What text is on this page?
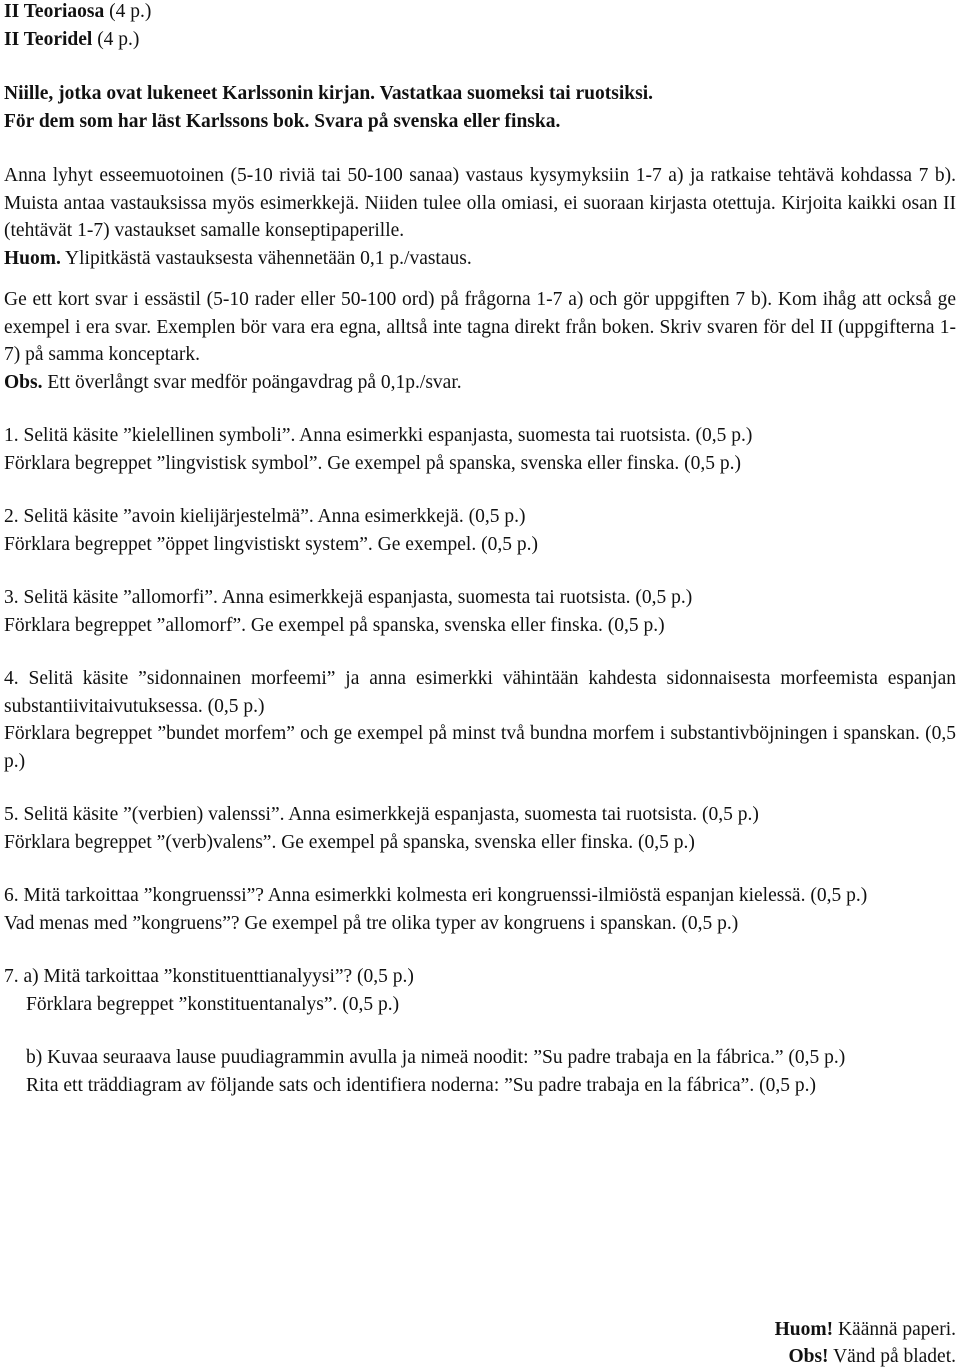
II Teoriaosa (4 p.)

II Teoridel (4 p.)

Niille, jotka ovat lukeneet Karlssonin kirjan. Vastatkaa suomeksi tai ruotsiksi.

För dem som har läst Karlssons bok. Svara på svenska eller finska.

Anna lyhyt esseemuotoinen (5-10 riviä tai 50-100 sanaa) vastaus kysymyksiin 1-7 a) ja ratkaise tehtävä kohdassa 7 b). Muista antaa vastauksissa myös esimerkkejä. Niiden tulee olla omiasi, ei suoraan kirjasta otettuja. Kirjoita kaikki osan II (tehtävät 1-7) vastaukset samalle konseptipaperille.

Huom. Ylipitkästä vastauksesta vähennetään 0,1 p./vastaus.

Ge ett kort svar i essästil (5-10 rader eller 50-100 ord) på frågorna 1-7 a) och gör uppgiften 7 b). Kom ihåg att också ge exempel i era svar. Exemplen bör vara era egna, alltså inte tagna direkt från boken. Skriv svaren för del II (uppgifterna 1-7) på samma konceptark.

Obs. Ett överlångt svar medför poängavdrag på 0,1p./svar.

1. Selitä käsite ”kielellinen symboli”. Anna esimerkki espanjasta, suomesta tai ruotsista. (0,5 p.)

Förklara begreppet ”lingvistisk symbol”. Ge exempel på spanska, svenska eller finska. (0,5 p.)

2. Selitä käsite ”avoin kielijärjestelmä”. Anna esimerkkejä. (0,5 p.)

Förklara begreppet ”öppet lingvistiskt system”. Ge exempel. (0,5 p.)

3. Selitä käsite ”allomorfi”. Anna esimerkkejä espanjasta, suomesta tai ruotsista. (0,5 p.)

Förklara begreppet ”allomorf”. Ge exempel på spanska, svenska eller finska. (0,5 p.)

4. Selitä käsite ”sidonnainen morfeemi” ja anna esimerkki vähintään kahdesta sidonnaisesta morfeemista espanjan substantiivitaivutuksessa. (0,5 p.)

Förklara begreppet ”bundet morfem” och ge exempel på minst två bundna morfem i substantivböjningen i spanskan. (0,5 p.)

5. Selitä käsite ”(verbien) valenssi”. Anna esimerkkejä espanjasta, suomesta tai ruotsista. (0,5 p.)

Förklara begreppet ”(verb)valens”. Ge exempel på spanska, svenska eller finska. (0,5 p.)

6. Mitä tarkoittaa ”kongruenssi”? Anna esimerkki kolmesta eri kongruenssi-ilmiöstä espanjan kielessä. (0,5 p.)

Vad menas med ”kongruens”? Ge exempel på tre olika typer av kongruens i spanskan. (0,5 p.)

7. a) Mitä tarkoittaa ”konstituenttianalyysi”? (0,5 p.)

Förklara begreppet ”konstituentanalys”. (0,5 p.)

b) Kuvaa seuraava lause puudiagrammin avulla ja nimeä noodit: ”Su padre trabaja en la fábrica.” (0,5 p.)

Rita ett träddiagram av följande sats och identifiera noderna: ”Su padre trabaja en la fábrica”. (0,5 p.)

Huom! Käännä paperi.

Obs! Vänd på bladet.
